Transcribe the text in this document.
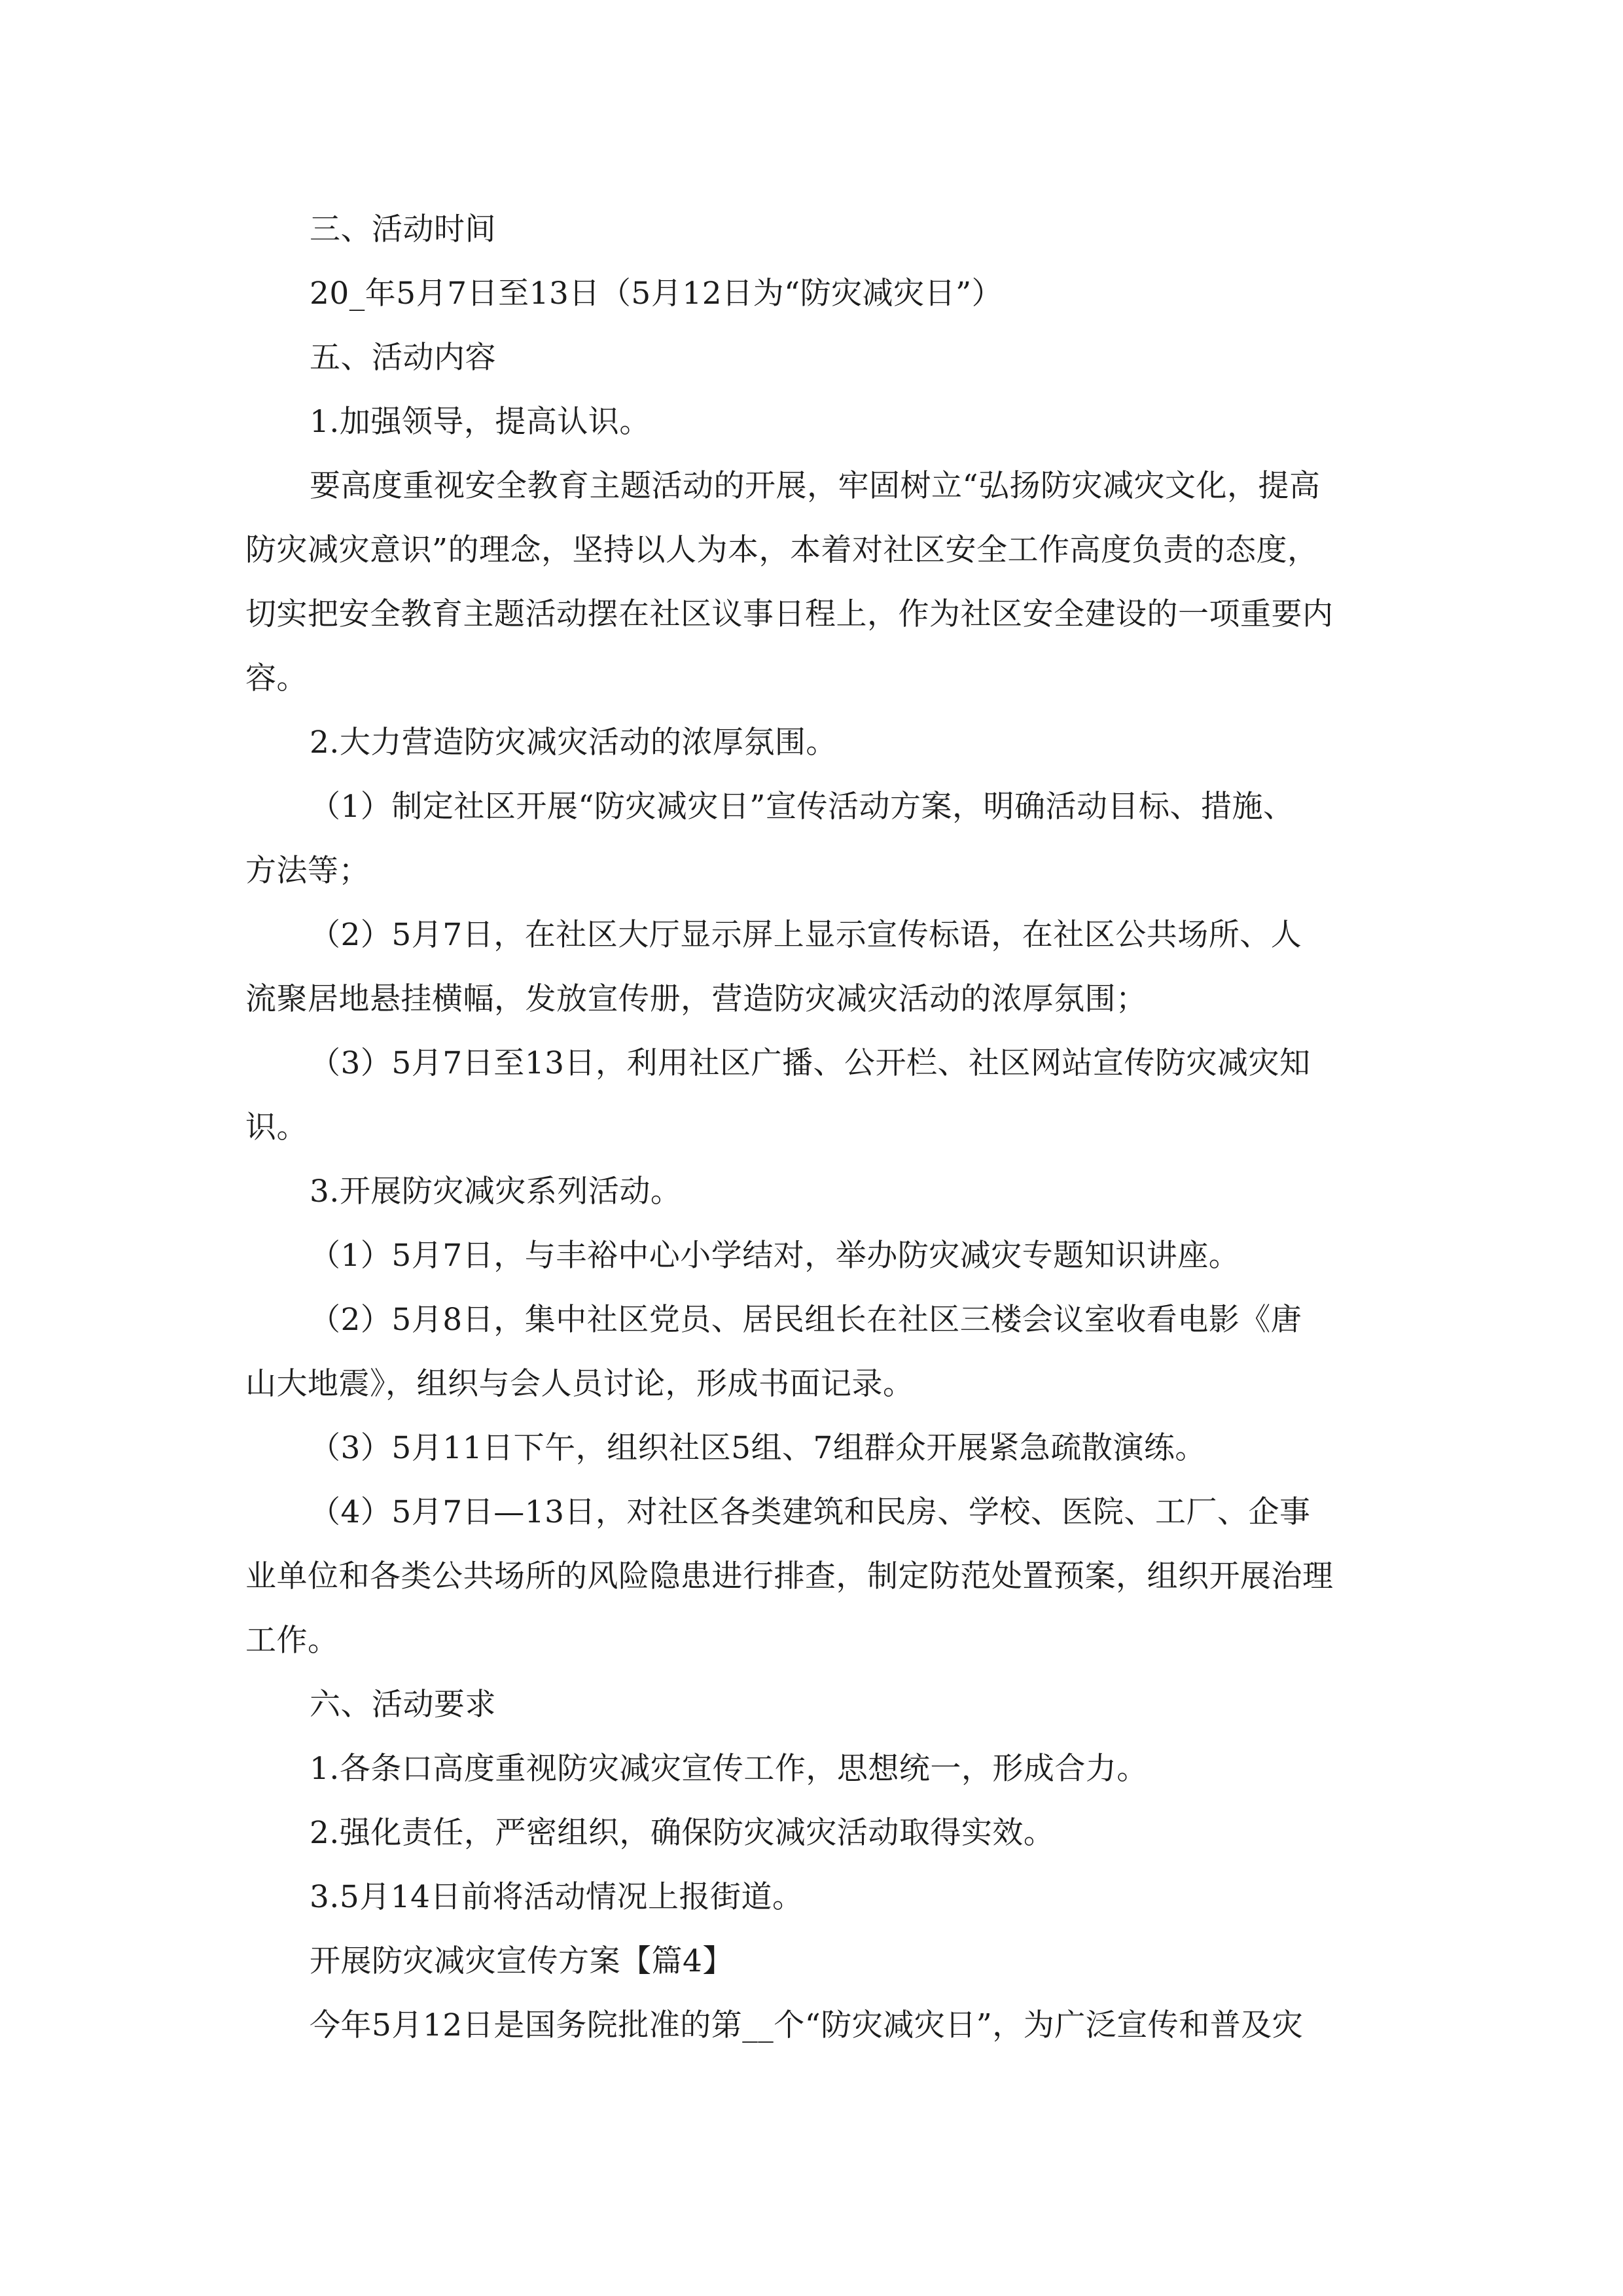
三、活动时间

20_年5月7日至13日（5月12日为“防灾减灾日”）

五、活动内容

1.加强领导，提高认识。

要高度重视安全教育主题活动的开展，牢固树立“弘扬防灾减灾文化，提高

防灾减灾意识”的理念，坚持以人为本，本着对社区安全工作高度负责的态度，

切实把安全教育主题活动摆在社区议事日程上，作为社区安全建设的一项重要内

容。

2.大力营造防灾减灾活动的浓厚氛围。

（1）制定社区开展“防灾减灾日”宣传活动方案，明确活动目标、措施、

方法等；

（2）5月7日，在社区大厅显示屏上显示宣传标语，在社区公共场所、人

流聚居地悬挂横幅，发放宣传册，营造防灾减灾活动的浓厚氛围；

（3）5月7日至13日，利用社区广播、公开栏、社区网站宣传防灾减灾知

识。

3.开展防灾减灾系列活动。

（1）5月7日，与丰裕中心小学结对，举办防灾减灾专题知识讲座。

（2）5月8日，集中社区党员、居民组长在社区三楼会议室收看电影《唐

山大地震》，组织与会人员讨论，形成书面记录。

（3）5月11日下午，组织社区5组、7组群众开展紧急疏散演练。

（4）5月7日—13日，对社区各类建筑和民房、学校、医院、工厂、企事

业单位和各类公共场所的风险隐患进行排查，制定防范处置预案，组织开展治理

工作。

六、活动要求

1.各条口高度重视防灾减灾宣传工作，思想统一，形成合力。

2.强化责任，严密组织，确保防灾减灾活动取得实效。

3.5月14日前将活动情况上报街道。

开展防灾减灾宣传方案【篇4】

今年5月12日是国务院批准的第__个“防灾减灾日”，为广泛宣传和普及灾
